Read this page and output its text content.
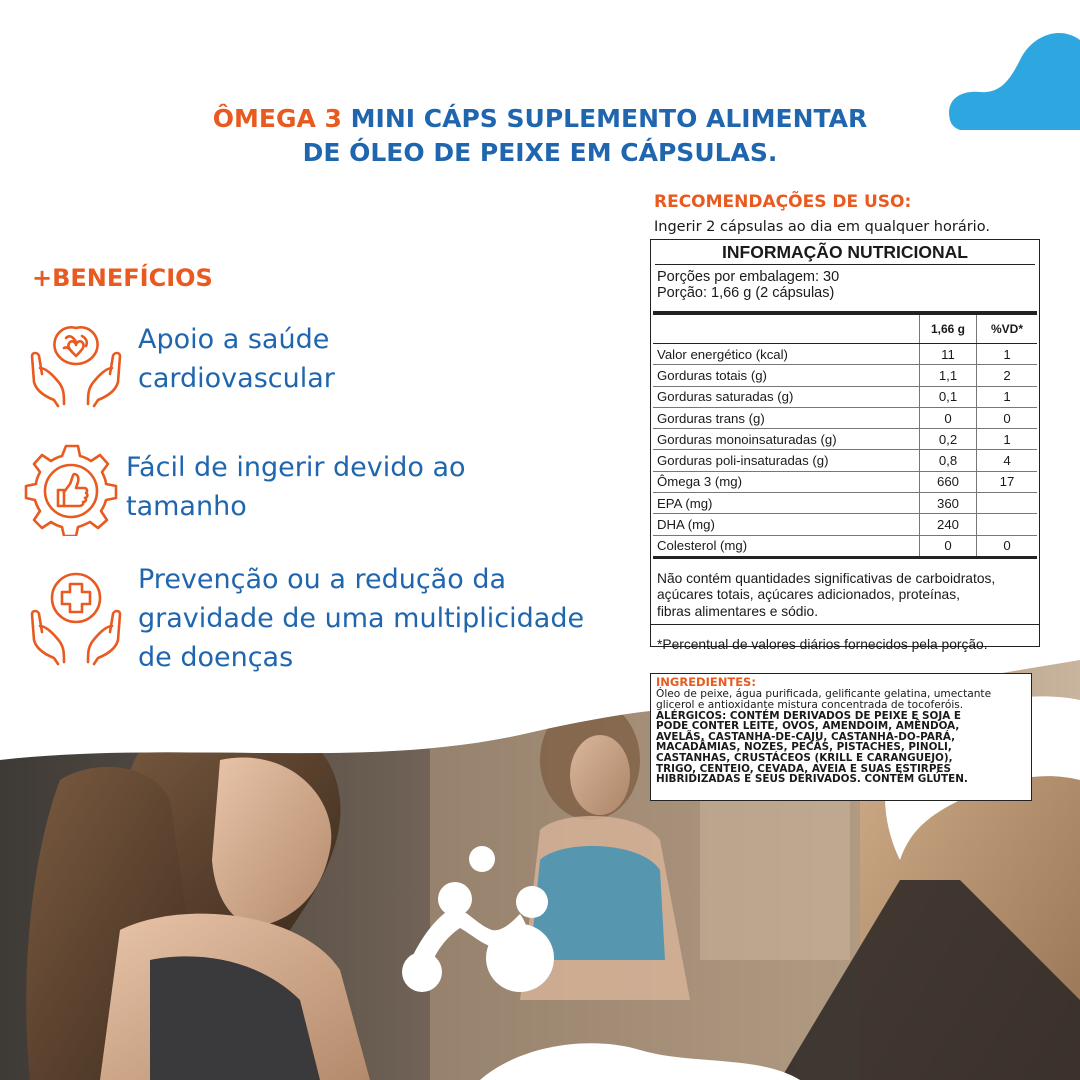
ÔMEGA 3 MINI CÁPS SUPLEMENTO ALIMENTAR
DE ÓLEO DE PEIXE EM CÁPSULAS.
+BENEFÍCIOS
Apoio a saúde
cardiovascular
Fácil de ingerir devido ao
tamanho
Prevenção ou a redução da
gravidade de uma multiplicidade
de doenças
RECOMENDAÇÕES DE USO:
Ingerir 2 cápsulas ao dia em qualquer horário.
INFORMAÇÃO NUTRICIONAL
Porções por embalagem: 30
Porção: 1,66 g (2 cápsulas)
	1,66 g	%VD*
Valor energético (kcal)	11	1
Gorduras totais (g)	1,1	2
Gorduras saturadas (g)	0,1	1
Gorduras trans (g)	0	0
Gorduras monoinsaturadas (g)	0,2	1
Gorduras poli-insaturadas (g)	0,8	4
Ômega 3 (mg)	660	17
EPA (mg)	360	
DHA (mg)	240	
Colesterol (mg)	0	0
Não contém quantidades significativas de carboidratos,
açúcares totais, açúcares adicionados, proteínas,
fibras alimentares e sódio.
*Percentual de valores diários fornecidos pela porção.
INGREDIENTES:
Óleo de peixe, água purificada, gelificante gelatina, umectante
glicerol e antioxidante mistura concentrada de tocoferóis.
ALÉRGICOS: CONTÉM DERIVADOS DE PEIXE E SOJA E
PODE CONTER LEITE, OVOS, AMENDOIM, AMÊNDOA,
AVELÃS, CASTANHA-DE-CAJU, CASTANHA-DO-PARÁ,
MACADÂMIAS, NOZES, PECÃS, PISTACHES, PINOLI,
CASTANHAS, CRUSTÁCEOS (KRILL E CARANGUEJO),
TRIGO, CENTEIO, CEVADA, AVEIA E SUAS ESTIRPES
HIBRIDIZADAS E SEUS DERIVADOS. CONTÉM GLÚTEN.
